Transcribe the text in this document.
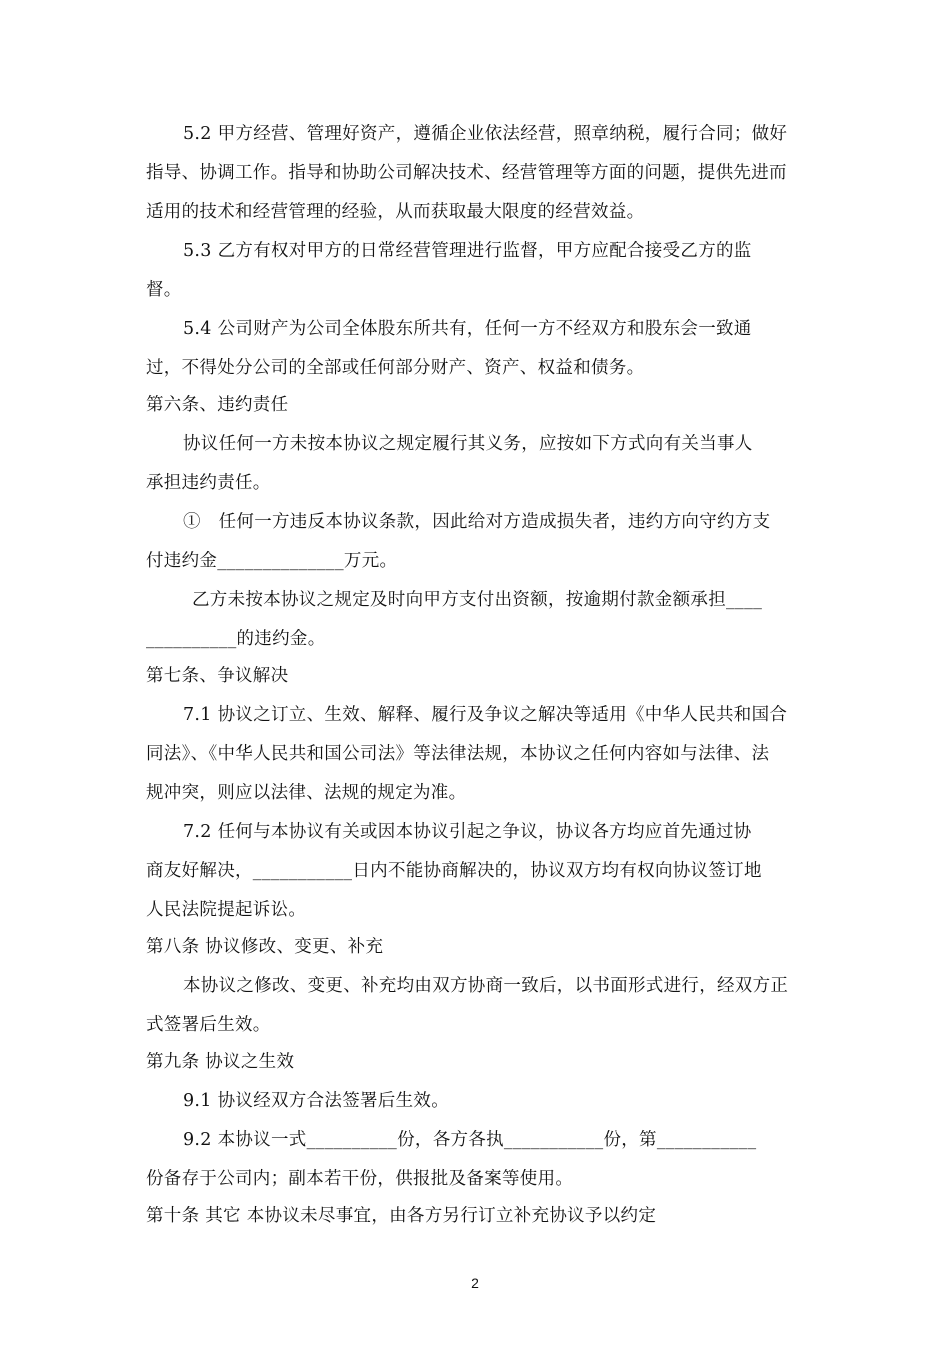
5.2 甲方经营、管理好资产，遵循企业依法经营，照章纳税，履行合同；做好
指导、协调工作。指导和协助公司解决技术、经营管理等方面的问题，提供先进而
适用的技术和经营管理的经验，从而获取最大限度的经营效益。
5.3 乙方有权对甲方的日常经营管理进行监督，甲方应配合接受乙方的监
督。
5.4 公司财产为公司全体股东所共有，任何一方不经双方和股东会一致通
过，不得处分公司的全部或任何部分财产、资产、权益和债务。
第六条、违约责任
协议任何一方未按本协议之规定履行其义务，应按如下方式向有关当事人
承担违约责任。
①　任何一方违反本协议条款，因此给对方造成损失者，违约方向守约方支
付违约金______________万元。
乙方未按本协议之规定及时向甲方支付出资额，按逾期付款金额承担____
__________的违约金。
第七条、争议解决
7.1 协议之订立、生效、解释、履行及争议之解决等适用《中华人民共和国合
同法》、《中华人民共和国公司法》等法律法规，本协议之任何内容如与法律、法
规冲突，则应以法律、法规的规定为准。
7.2 任何与本协议有关或因本协议引起之争议，协议各方均应首先通过协
商友好解决，___________日内不能协商解决的，协议双方均有权向协议签订地
人民法院提起诉讼。
第八条 协议修改、变更、补充
本协议之修改、变更、补充均由双方协商一致后，以书面形式进行，经双方正
式签署后生效。
第九条 协议之生效
9.1 协议经双方合法签署后生效。
9.2 本协议一式__________份，各方各执___________份，第___________
份备存于公司内；副本若干份，供报批及备案等使用。
第十条 其它 本协议未尽事宜，由各方另行订立补充协议予以约定
2
